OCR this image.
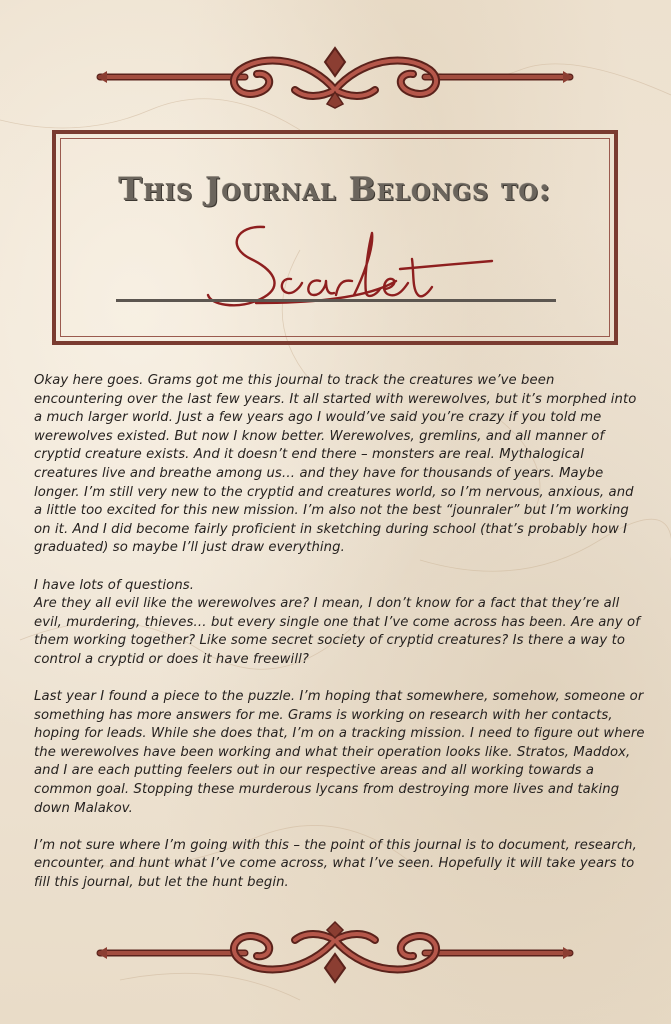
This Journal Belongs to:

Okay here goes. Grams got me this journal to track the creatures we’ve been encountering over the last few years. It all started with werewolves, but it’s morphed into a much larger world. Just a few years ago I would’ve said you’re crazy if you told me werewolves existed. But now I know better. Werewolves, gremlins, and all manner of cryptid creature exists. And it doesn’t end there – monsters are real. Mythalogical creatures live and breathe among us… and they have for thousands of years. Maybe longer. I’m still very new to the cryptid and creatures world, so I’m nervous, anxious, and a little too excited for this new mission. I’m also not the best “jounraler” but I’m working on it. And I did become fairly proficient in sketching during school (that’s probably how I graduated) so maybe I’ll just draw everything.

I have lots of questions.

Are they all evil like the werewolves are? I mean, I don’t know for a fact that they’re all evil, murdering, thieves… but every single one that I’ve come across has been. Are any of them working together? Like some secret society of cryptid creatures? Is there a way to control a cryptid or does it have freewill?

Last year I found a piece to the puzzle. I’m hoping that somewhere, somehow, someone or something has more answers for me. Grams is working on research with her contacts, hoping for leads. While she does that, I’m on a tracking mission. I need to figure out where the werewolves have been working and what their operation looks like. Stratos, Maddox, and I are each putting feelers out in our respective areas and all working towards a common goal. Stopping these murderous lycans from destroying more lives and taking down Malakov.

I’m not sure where I’m going with this – the point of this journal is to document, research, encounter, and hunt what I’ve come across, what I’ve seen. Hopefully it will take years to fill this journal, but let the hunt begin.
